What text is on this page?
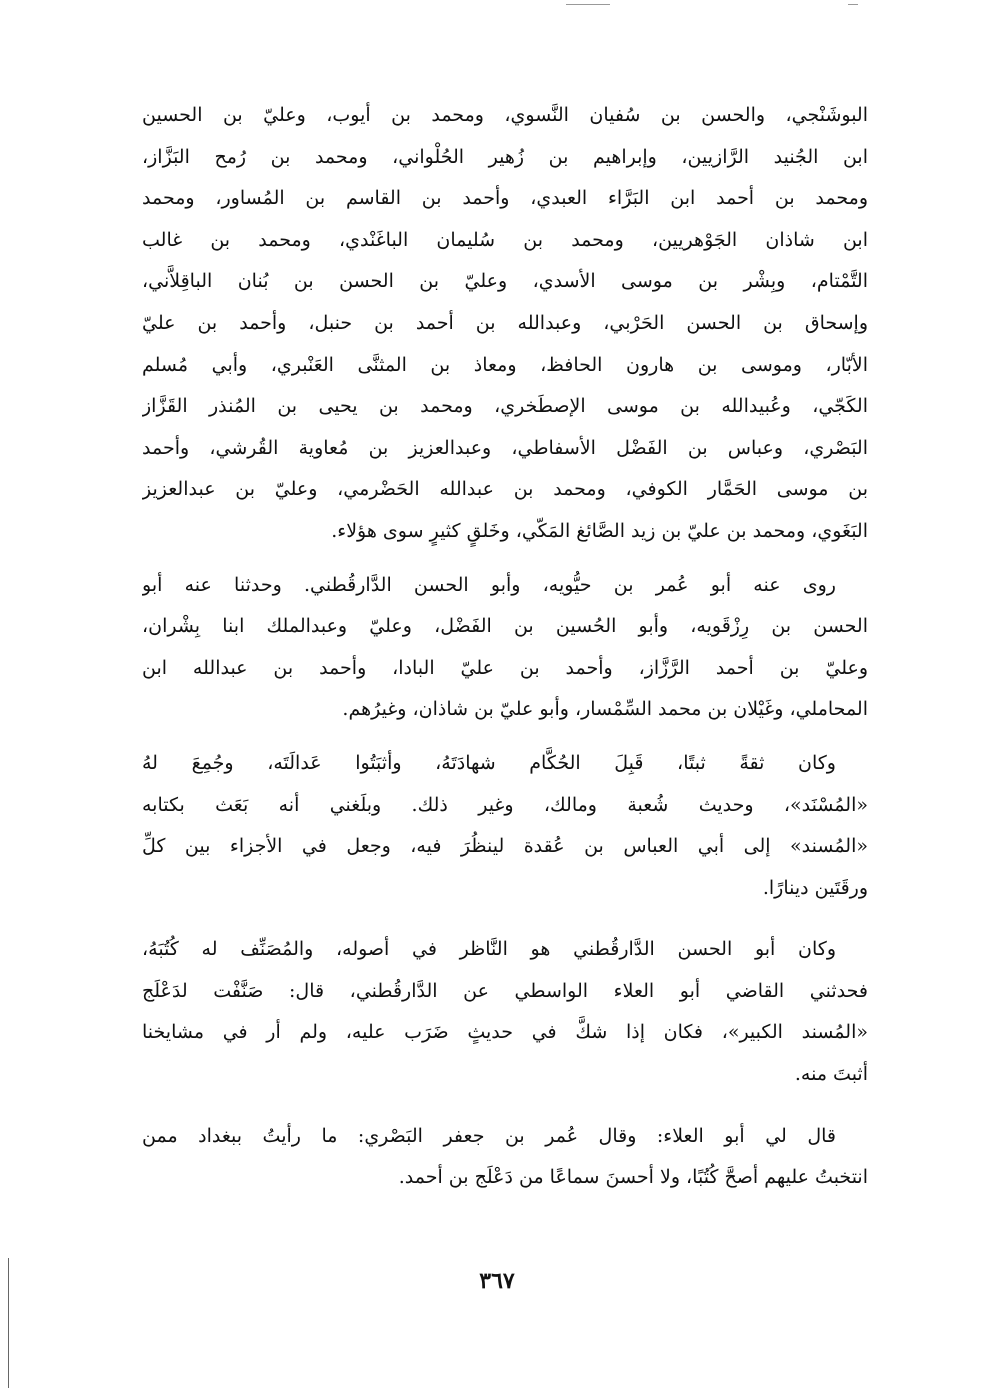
البوشَنْجي، والحسن بن سُفيان النَّسوي، ومحمد بن أيوب، وعليّ بن الحسين
ابن الجُنيد الرَّازيين، وإبراهيم بن زُهير الحُلْواني، ومحمد بن رُمح البَزَّاز،
ومحمد بن أحمد ابن البَرَّاء العبدي، وأحمد بن القاسم بن المُساور، ومحمد
ابن شاذان الجَوْهريين، ومحمد بن سُليمان الباغَنْدي، ومحمد بن غالب
التَّمْتام، وبِشْر بن موسى الأسدي، وعليّ بن الحسن بن بُنان الباقِلاَّني،
وإسحاق بن الحسن الحَرْبي، وعبدالله بن أحمد بن حنبل، وأحمد بن عليّ
الأبّار، وموسى بن هارون الحافظ، ومعاذ بن المثنَّى العَنْبري، وأبي مُسلم
الكَجّي، وعُبيدالله بن موسى الإصطَخري، ومحمد بن يحيى بن المُنذر القَزَّاز
البَصْري، وعباس بن الفَضْل الأسفاطي، وعبدالعزيز بن مُعاوية القُرشي، وأحمد
بن موسى الحَمَّار الكوفي، ومحمد بن عبدالله الحَضْرمي، وعليّ بن عبدالعزيز
البَغَوي، ومحمد بن عليّ بن زيد الصَّائغ المَكّي، وخَلقٍ كثيرٍ سوى هؤلاء.

روى عنه أبو عُمر بن حيُّويه، وأبو الحسن الدَّارقُطني. وحدثنا عنه أبو
الحسن بن رِزْقَويه، وأبو الحُسين بن الفَضْل، وعليّ وعبدالملك ابنا بِشْران،
وعليّ بن أحمد الرَّزَّاز، وأحمد بن عليّ البادا، وأحمد بن عبدالله ابن
المحاملي، وغَيْلان بن محمد السِّمْسار، وأبو عليّ بن شاذان، وغيرُهم.

وكان ثقةً ثبتًا، قَبِلَ الحُكَّام شهادَتَهُ، وأثبَتُوا عَدالَتَه، وجُمِعَ لهُ
«المُسْنَد»، وحديث شُعبة ومالك، وغير ذلك. وبلَغني أنه بَعَث بكتابه
«المُسند» إلى أبي العباس بن عُقدة لينظُرَ فيه، وجعل في الأجزاء بين كلِّ
ورقَتَين دينارًا.

وكان أبو الحسن الدَّارقُطني هو النَّاظر في أصوله، والمُصَنِّف له كُتُبَهُ،
فحدثني القاضي أبو العلاء الواسطي عن الدَّارقُطني، قال: صَنَّفْت لدَعْلَج
«المُسند الكبير»، فكان إذا شكَّ في حديثٍ ضَرَب عليه، ولم أر في مشايخنا
أثبتَ منه.

قال لي أبو العلاء: وقال عُمر بن جعفر البَصْري: ما رأيتُ ببغداد ممن
انتخبتُ عليهم أصحَّ كُتُبًا، ولا أحسنَ سماعًا من دَعْلَج بن أحمد.

٣٦٧
